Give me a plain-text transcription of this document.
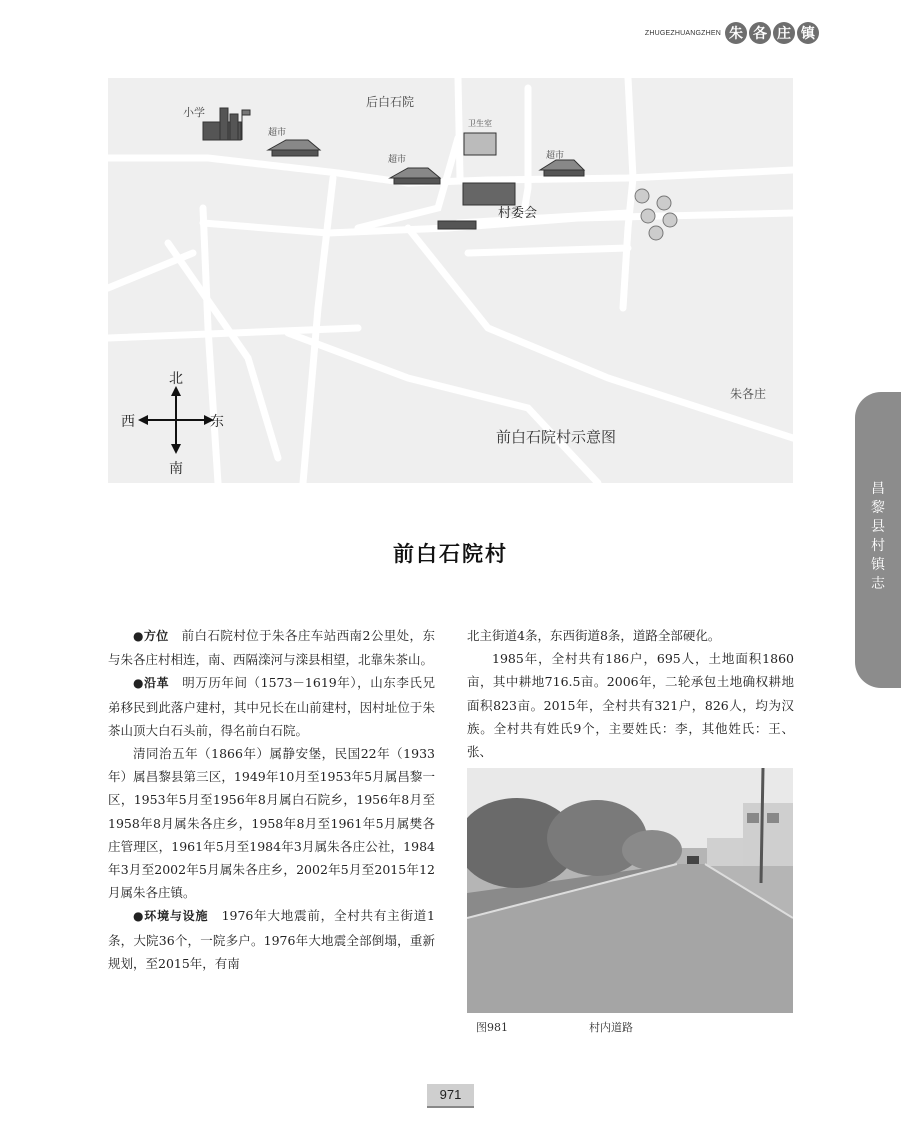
ZHUGEZHUANGZHEN 朱 各 庄 镇
后白石院
小学
超市
超市	超市
卫生室
村委会
朱各庄
前白石院村示意图
北
南
西	东
前白石院村

●方位　前白石院村位于朱各庄车站西南2公里处，东与朱各庄村相连，南、西隔滦河与滦县相望，北靠朱茶山。

●沿革　明万历年间（1573－1619年），山东李氏兄弟移民到此落户建村，其中兄长在山前建村，因村址位于朱茶山顶大白石头前，得名前白石院。

清同治五年（1866年）属静安堡，民国22年（1933年）属昌黎县第三区，1949年10月至1953年5月属昌黎一区，1953年5月至1956年8月属白石院乡，1956年8月至1958年8月属朱各庄乡，1958年8月至1961年5月属樊各庄管理区，1961年5月至1984年3月属朱各庄公社，1984年3月至2002年5月属朱各庄乡，2002年5月至2015年12月属朱各庄镇。

●环境与设施　1976年大地震前，全村共有主街道1条，大院36个，一院多户。1976年大地震全部倒塌，重新规划，至2015年，有南

北主街道4条，东西街道8条，道路全部硬化。

1985年，全村共有186户，695人，土地面积1860亩，其中耕地716.5亩。2006年，二轮承包土地确权耕地面积823亩。2015年，全村共有321户，826人，均为汉族。全村共有姓氏9个，主要姓氏：李，其他姓氏：王、张、

图981	村内道路
昌
黎
县
村
镇
志
971
